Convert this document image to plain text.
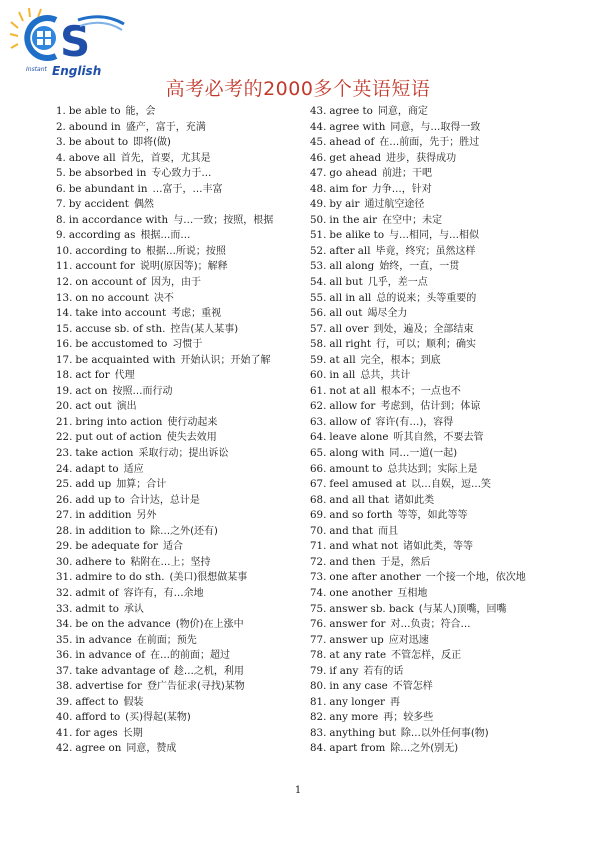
S
Instant English
高考必考的2000多个英语短语
1. be able to 能，会
2. abound in 盛产，富于，充满
3. be about to 即将(做)
4. above all 首先，首要，尤其是
5. be absorbed in 专心致力于…
6. be abundant in …富于，…丰富
7. by accident 偶然
8. in accordance with 与…一致；按照，根据
9. according as 根据…而…
10. according to 根据…所说；按照
11. account for 说明(原因等)；解释
12. on account of 因为，由于
13. on no account 决不
14. take into account 考虑；重视
15. accuse sb. of sth. 控告(某人某事)
16. be accustomed to 习惯于
17. be acquainted with 开始认识；开始了解
18. act for 代理
19. act on 按照…而行动
20. act out 演出
21. bring into action 使行动起来
22. put out of action 使失去效用
23. take action 采取行动；提出诉讼
24. adapt to 适应
25. add up 加算；合计
26. add up to 合计达，总计是
27. in addition 另外
28. in addition to 除…之外(还有)
29. be adequate for 适合
30. adhere to 粘附在…上；坚持
31. admire to do sth. (美口)很想做某事
32. admit of 容许有，有…余地
33. admit to 承认
34. be on the advance (物价)在上涨中
35. in advance 在前面；预先
36. in advance of 在…的前面；超过
37. take advantage of 趁…之机，利用
38. advertise for 登广告征求(寻找)某物
39. affect to 假装
40. afford to (买)得起(某物)
41. for ages 长期
42. agree on 同意，赞成
43. agree to 同意，商定
44. agree with 同意，与…取得一致
45. ahead of 在…前面，先于；胜过
46. get ahead 进步，获得成功
47. go ahead 前进；干吧
48. aim for 力争…，针对
49. by air 通过航空途径
50. in the air 在空中；未定
51. be alike to 与…相同，与…相似
52. after all 毕竟，终究；虽然这样
53. all along 始终，一直，一贯
54. all but 几乎，差一点
55. all in all 总的说来；头等重要的
56. all out 竭尽全力
57. all over 到处，遍及；全部结束
58. all right 行，可以；顺利；确实
59. at all 完全，根本；到底
60. in all 总共，共计
61. not at all 根本不；一点也不
62. allow for 考虑到，估计到；体谅
63. allow of 容许(有…)，容得
64. leave alone 听其自然，不要去管
65. along with 同…一道(一起)
66. amount to 总共达到；实际上是
67. feel amused at 以…自娱，逗…笑
68. and all that 诸如此类
69. and so forth 等等，如此等等
70. and that 而且
71. and what not 诸如此类，等等
72. and then 于是，然后
73. one after another 一个接一个地，依次地
74. one another 互相地
75. answer sb. back (与某人)顶嘴，回嘴
76. answer for 对…负责；符合…
77. answer up 应对迅速
78. at any rate 不管怎样，反正
79. if any 若有的话
80. in any case 不管怎样
81. any longer 再
82. any more 再；较多些
83. anything but 除…以外任何事(物)
84. apart from 除…之外(别无)
1
